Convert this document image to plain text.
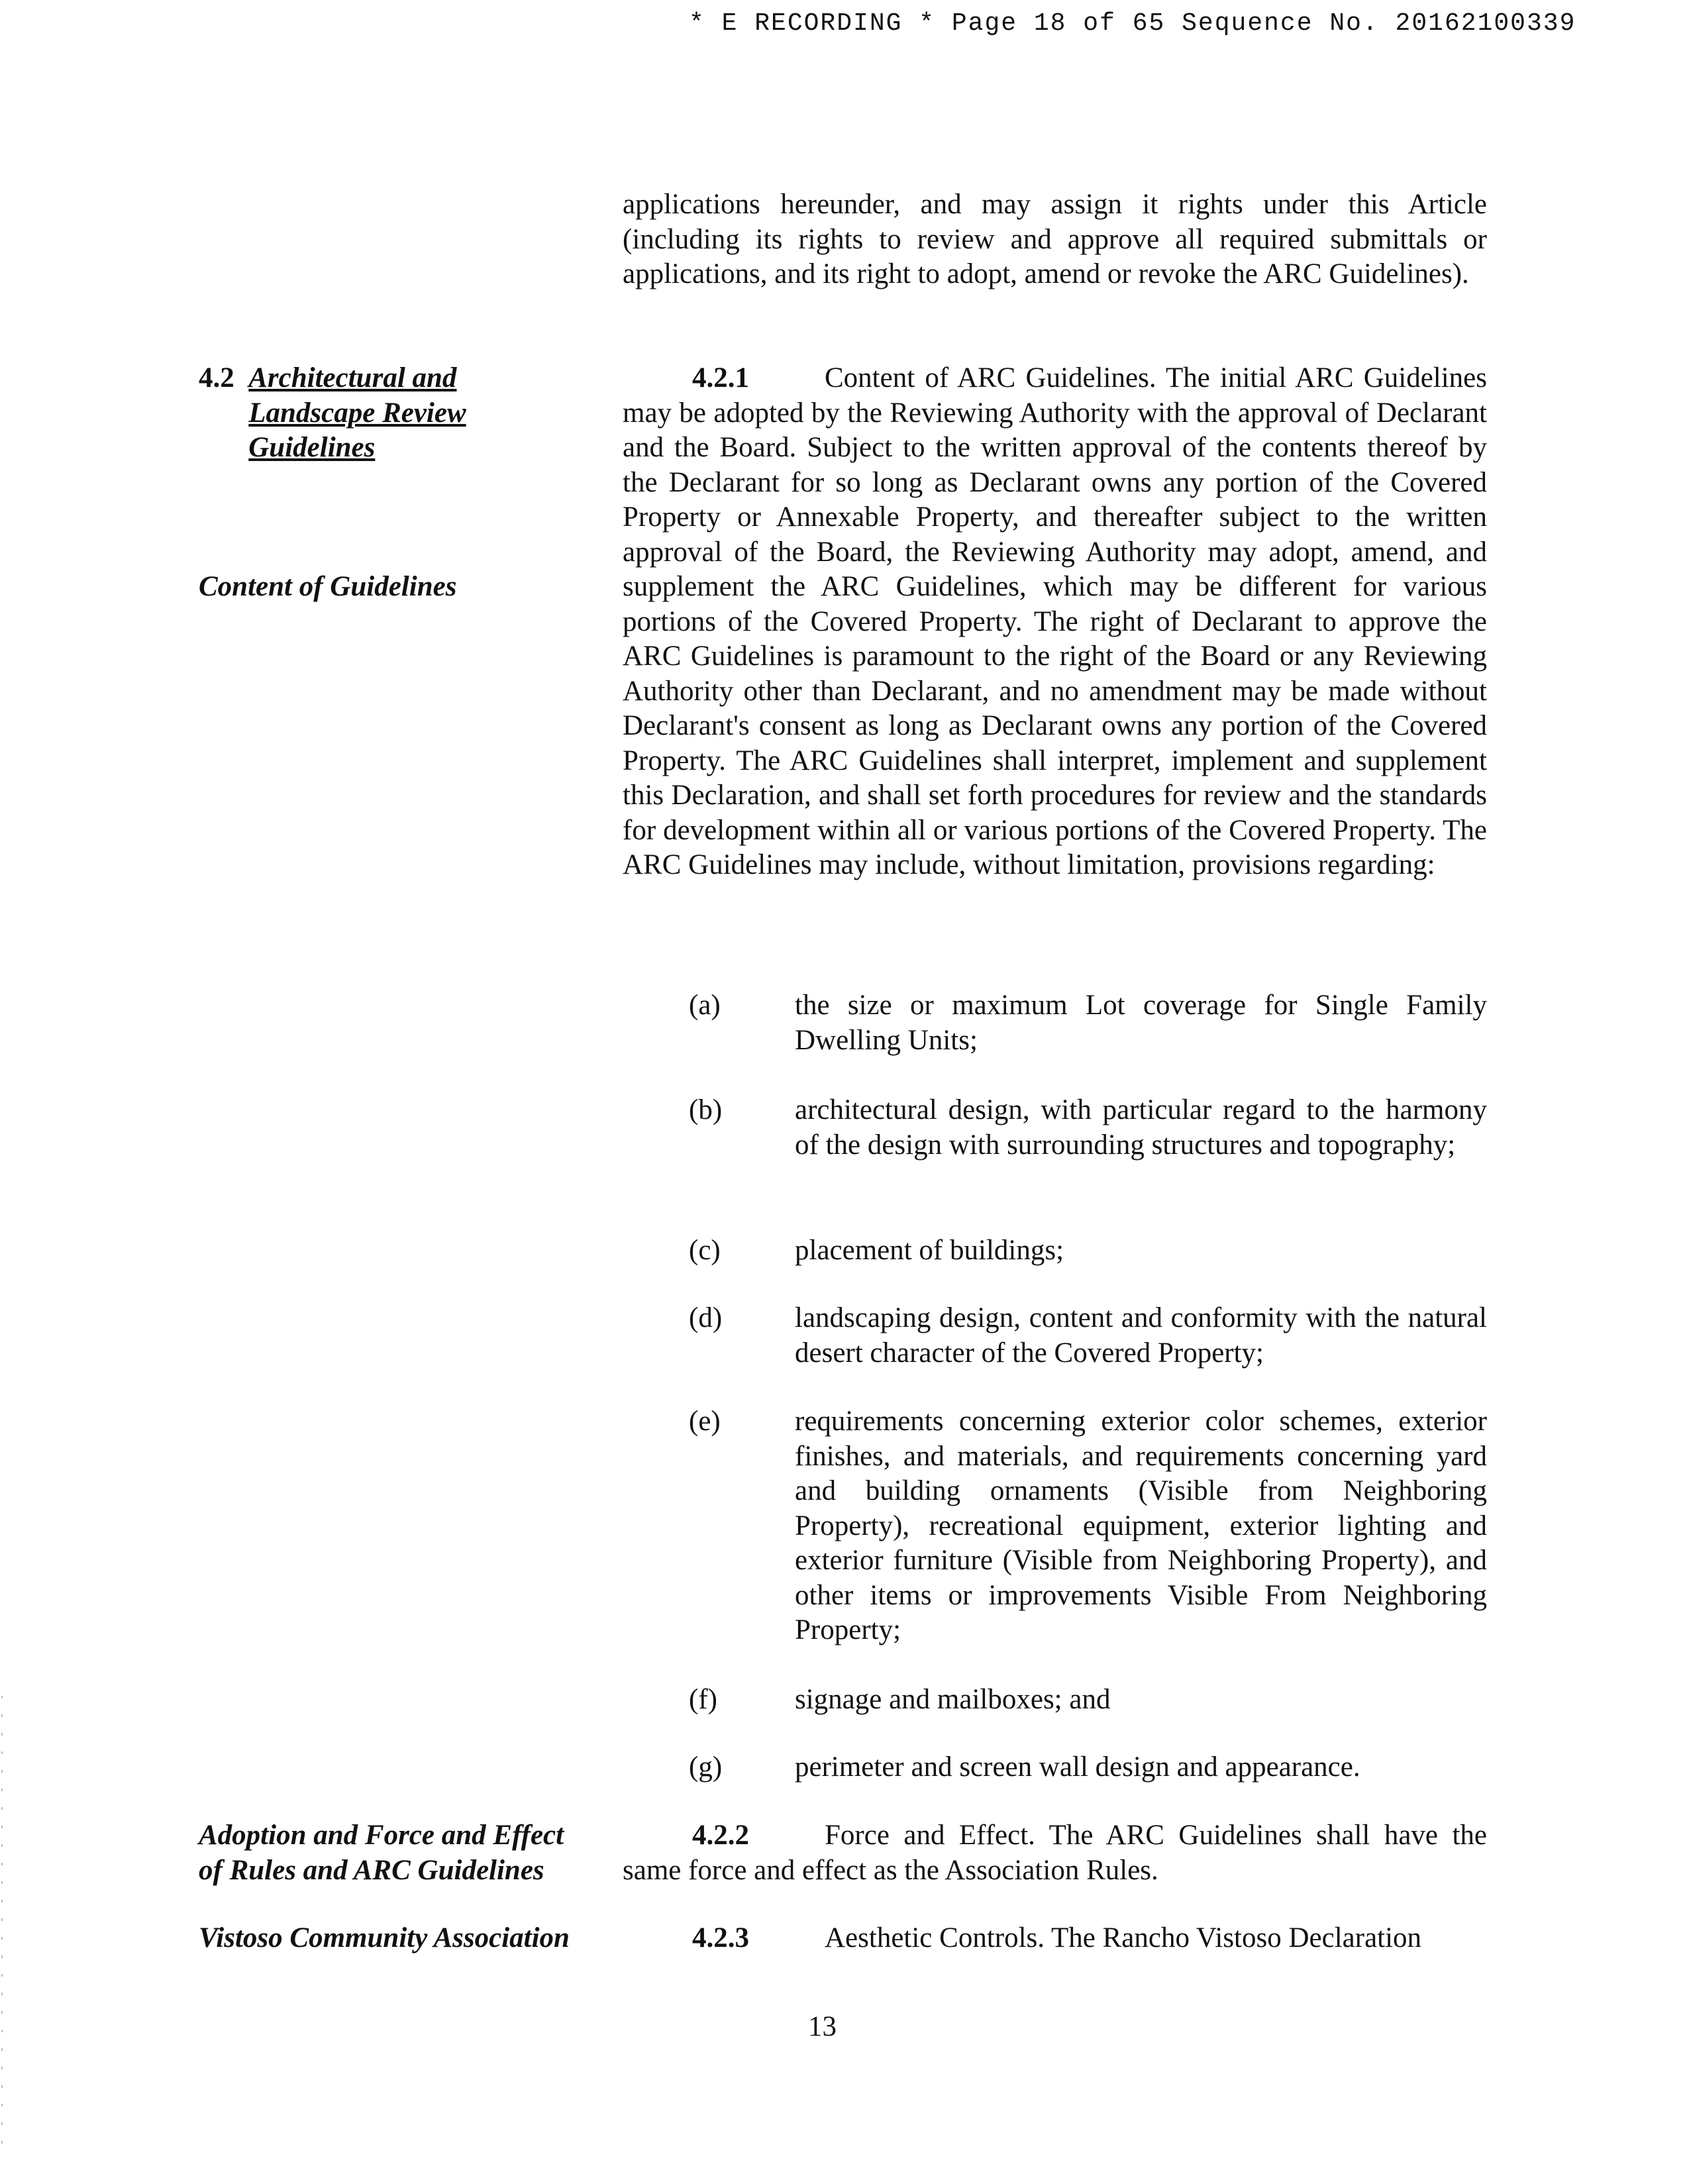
* E RECORDING * Page 18 of 65 Sequence No. 20162100339

applications hereunder, and may assign it rights under this Article (including its rights to review and approve all required submittals or applications, and its right to adopt, amend or revoke the ARC Guidelines).

4.2 Architectural and
Landscape Review
Guidelines
Content of Guidelines

4.2.1	Content of ARC Guidelines. The initial ARC Guidelines may be adopted by the Reviewing Authority with the approval of Declarant and the Board. Subject to the written approval of the contents thereof by the Declarant for so long as Declarant owns any portion of the Covered Property or Annexable Property, and thereafter subject to the written approval of the Board, the Reviewing Authority may adopt, amend, and supplement the ARC Guidelines, which may be different for various portions of the Covered Property. The right of Declarant to approve the ARC Guidelines is paramount to the right of the Board or any Reviewing Authority other than Declarant, and no amendment may be made without Declarant's consent as long as Declarant owns any portion of the Covered Property. The ARC Guidelines shall interpret, implement and supplement this Declaration, and shall set forth procedures for review and the standards for development within all or various portions of the Covered Property. The ARC Guidelines may include, without limitation, provisions regarding:

(a)	the size or maximum Lot coverage for Single Family Dwelling Units;
(b)	architectural design, with particular regard to the harmony of the design with surrounding structures and topography;
(c)	placement of buildings;
(d)	landscaping design, content and conformity with the natural desert character of the Covered Property;
(e)	requirements concerning exterior color schemes, exterior finishes, and materials, and requirements concerning yard and building ornaments (Visible from Neighboring Property), recreational equipment, exterior lighting and exterior furniture (Visible from Neighboring Property), and other items or improvements Visible From Neighboring Property;
(f)	signage and mailboxes; and
(g)	perimeter and screen wall design and appearance.
Adoption and Force and Effect
of Rules and ARC Guidelines

4.2.2	Force and Effect. The ARC Guidelines shall have the same force and effect as the Association Rules.

Vistoso Community Association	4.2.3	Aesthetic Controls. The Rancho Vistoso Declaration

13
